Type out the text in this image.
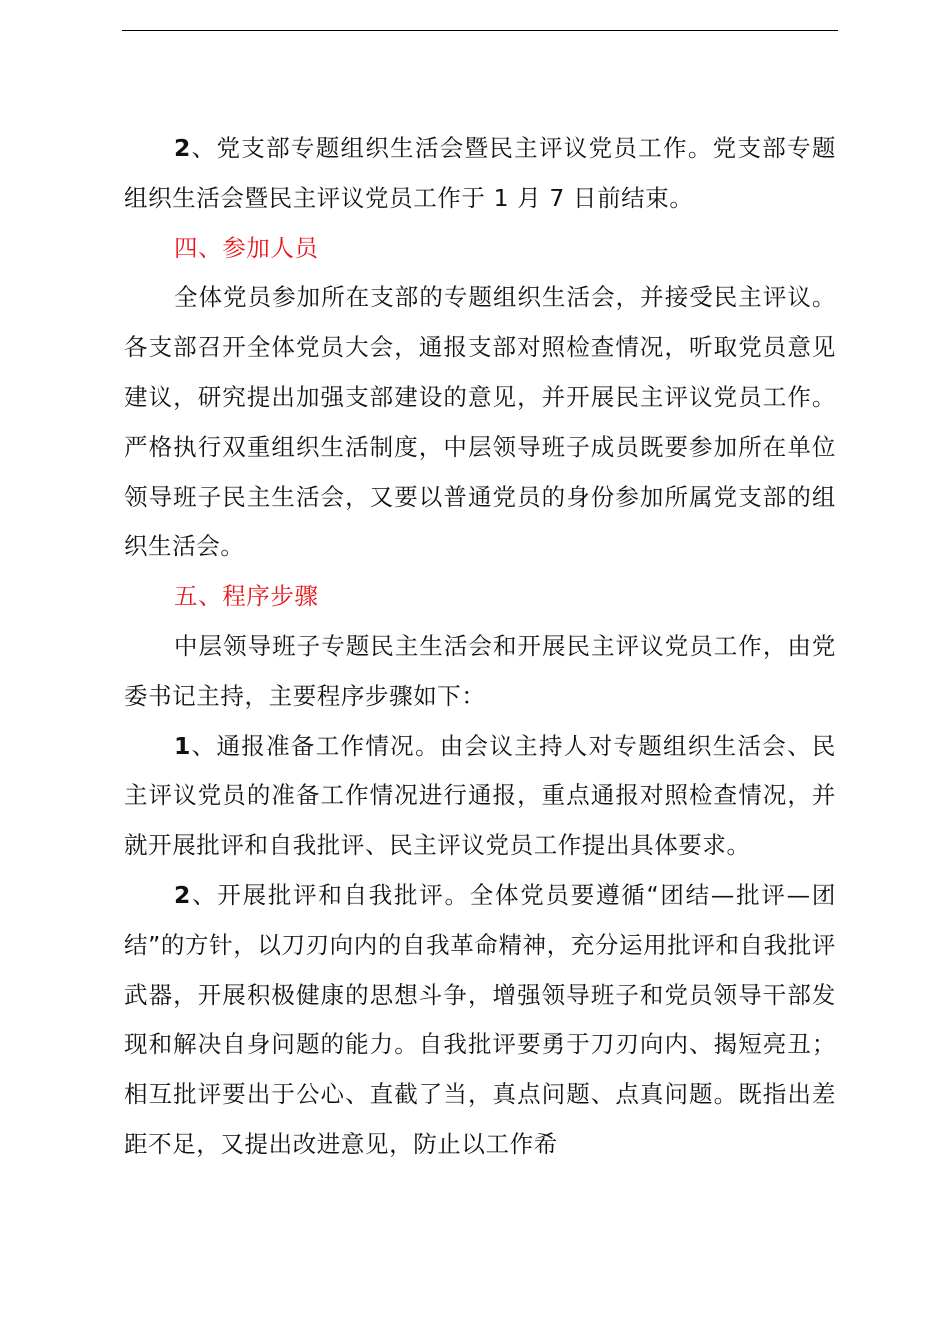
2、党支部专题组织生活会暨民主评议党员工作。党支部专题组织生活会暨民主评议党员工作于 1 月 7 日前结束。

四、参加人员

全体党员参加所在支部的专题组织生活会，并接受民主评议。各支部召开全体党员大会，通报支部对照检查情况，听取党员意见建议，研究提出加强支部建设的意见，并开展民主评议党员工作。严格执行双重组织生活制度，中层领导班子成员既要参加所在单位领导班子民主生活会，又要以普通党员的身份参加所属党支部的组织生活会。

五、程序步骤

中层领导班子专题民主生活会和开展民主评议党员工作，由党委书记主持，主要程序步骤如下：

1、通报准备工作情况。由会议主持人对专题组织生活会、民主评议党员的准备工作情况进行通报，重点通报对照检查情况，并就开展批评和自我批评、民主评议党员工作提出具体要求。

2、开展批评和自我批评。全体党员要遵循“团结—批评—团结”的方针，以刀刃向内的自我革命精神，充分运用批评和自我批评武器，开展积极健康的思想斗争，增强领导班子和党员领导干部发现和解决自身问题的能力。自我批评要勇于刀刃向内、揭短亮丑；相互批评要出于公心、直截了当，真点问题、点真问题。既指出差距不足，又提出改进意见，防止以工作希
